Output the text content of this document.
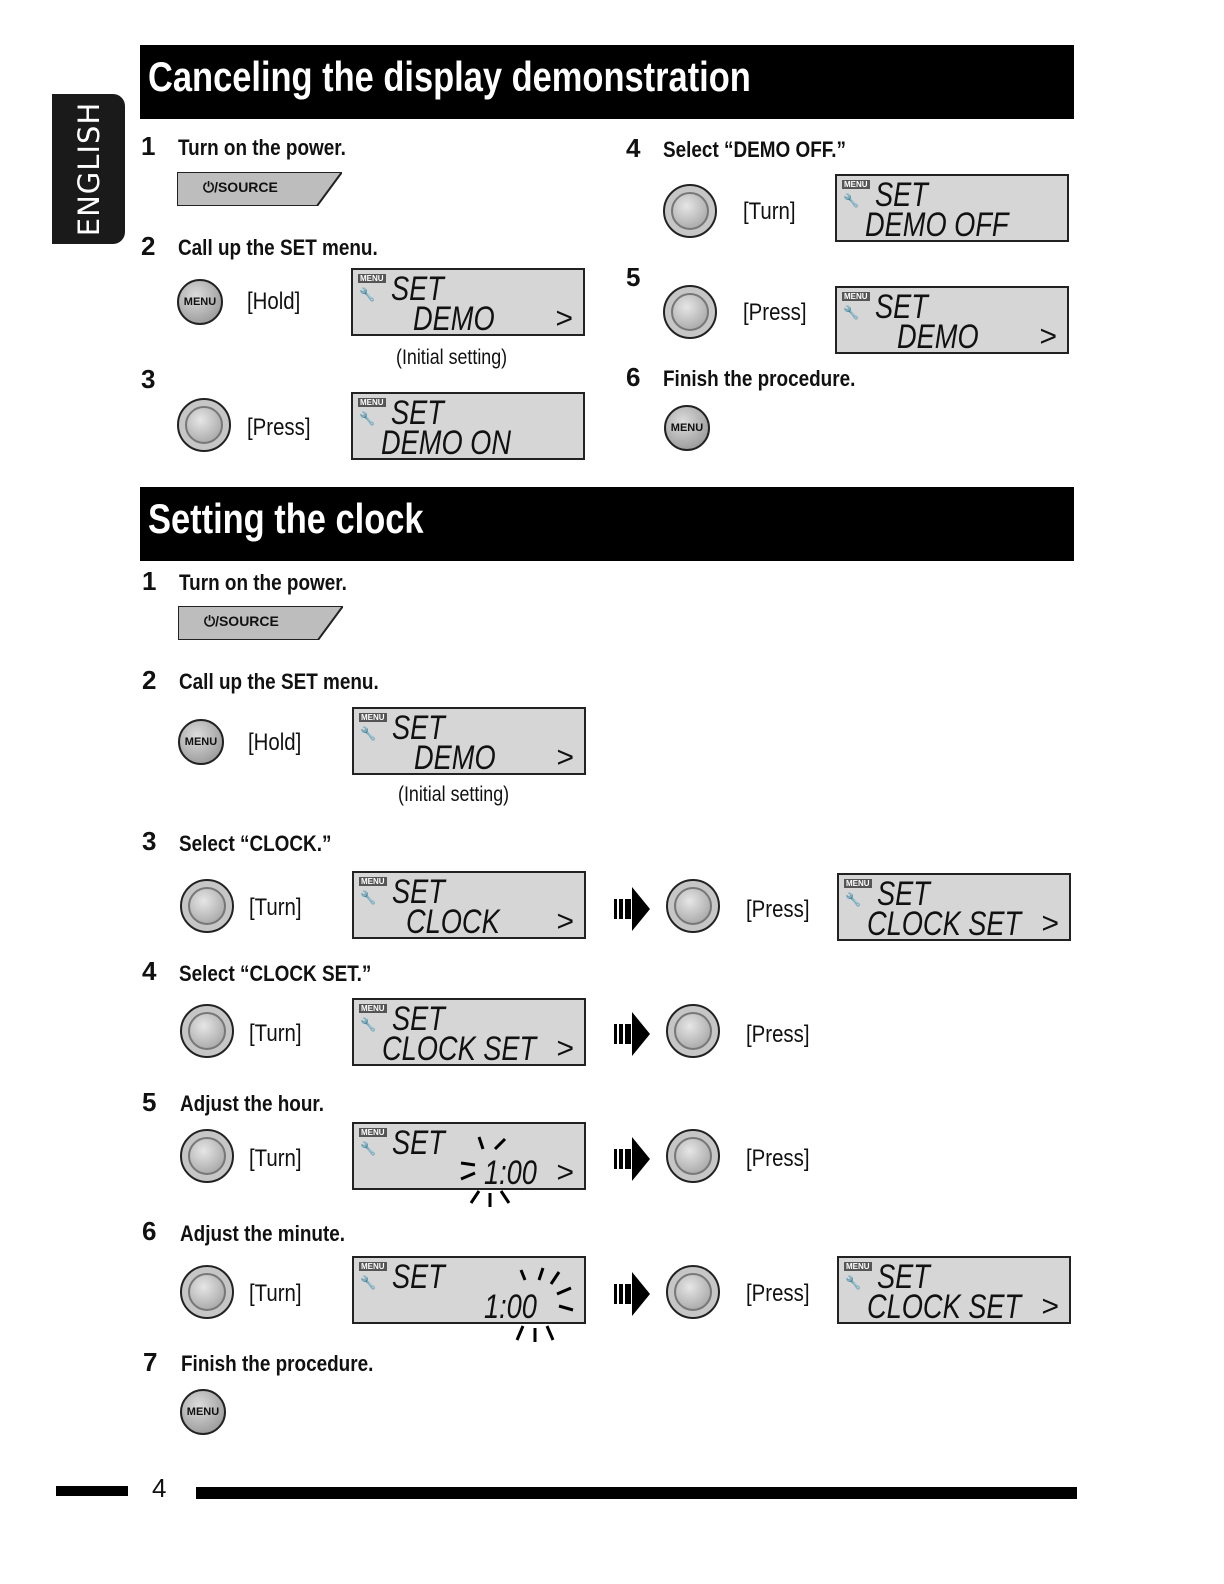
ENGLISH
Canceling the display demonstration
1 Turn on the power.
⏻/SOURCE
2 Call up the SET menu.
MENU [Hold]
MENU
🔧 SET
DEMO >
(Initial setting)
3
[Press]
MENU
🔧 SET
DEMO ON
4 Select “DEMO OFF.”
[Turn]
MENU
🔧 SET
DEMO OFF
5
[Press]
MENU
🔧 SET
DEMO >
6 Finish the procedure.
MENU
Setting the clock
1 Turn on the power.
⏻/SOURCE
2 Call up the SET menu.
MENU [Hold]
MENU
🔧 SET
DEMO >
(Initial setting)
3 Select “CLOCK.”
[Turn]
MENU
🔧 SET
CLOCK >	[Press]
MENU
🔧 SET
CLOCK SET >
4 Select “CLOCK SET.”
[Turn]
MENU
🔧 SET
CLOCK SET >	[Press]
5 Adjust the hour.
[Turn]
MENU
🔧 SET
1:00 >	[Press]
6 Adjust the minute.
[Turn]
MENU
🔧 SET
1:00	[Press]
MENU
🔧 SET
CLOCK SET >
7 Finish the procedure.
MENU
4
